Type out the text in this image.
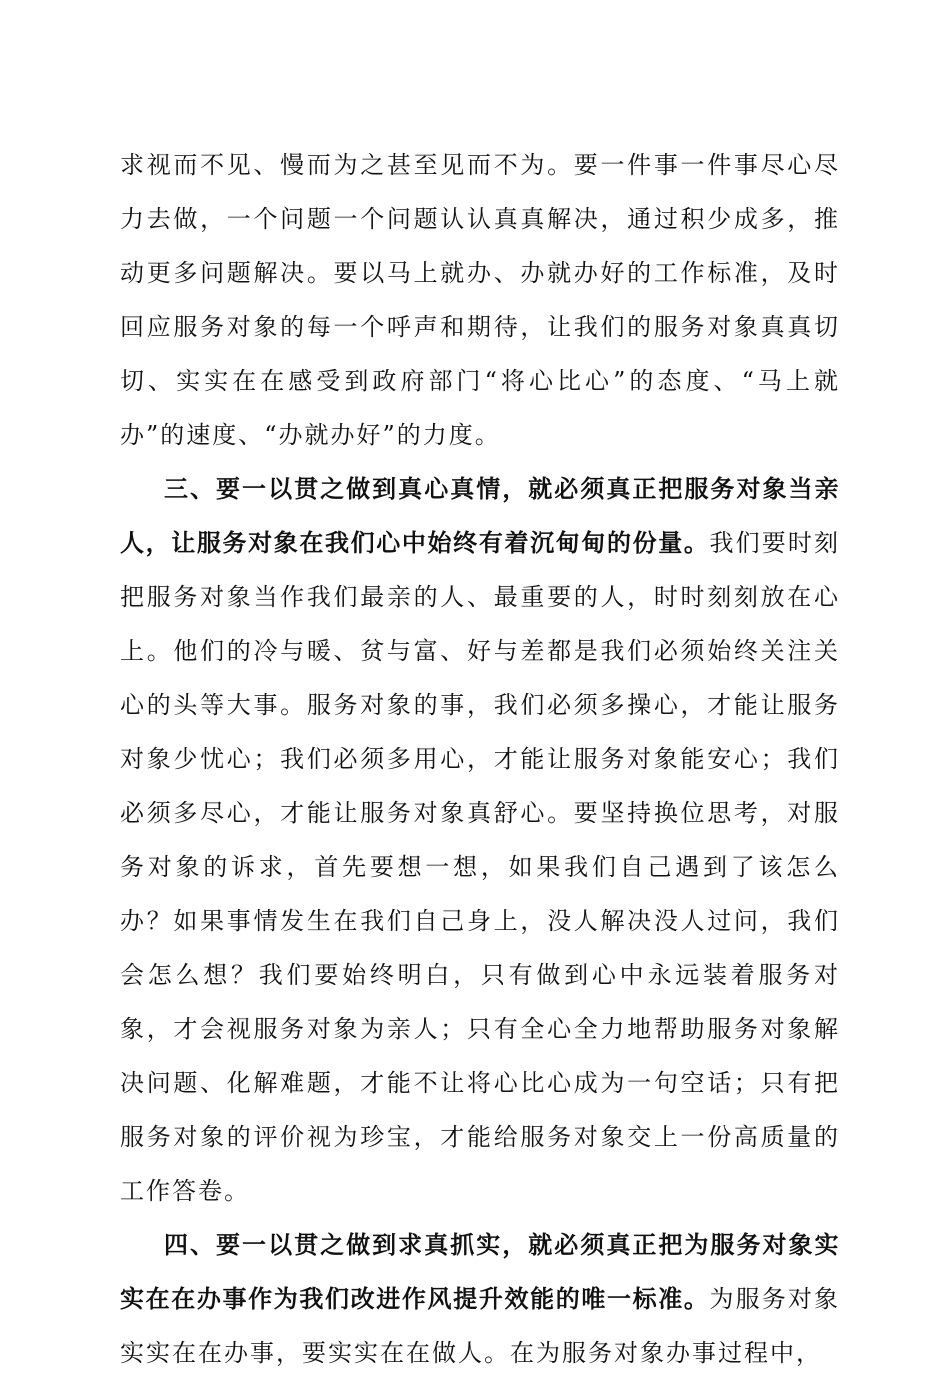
求视而不见、慢而为之甚至见而不为。要一件事一件事尽心尽力去做，一个问题一个问题认认真真解决，通过积少成多，推动更多问题解决。要以马上就办、办就办好的工作标准，及时回应服务对象的每一个呼声和期待，让我们的服务对象真真切切、实实在在感受到政府部门“将心比心”的态度、“马上就办”的速度、“办就办好”的力度。

三、要一以贯之做到真心真情，就必须真正把服务对象当亲人，让服务对象在我们心中始终有着沉甸甸的份量。我们要时刻把服务对象当作我们最亲的人、最重要的人，时时刻刻放在心上。他们的冷与暖、贫与富、好与差都是我们必须始终关注关心的头等大事。服务对象的事，我们必须多操心，才能让服务对象少忧心；我们必须多用心，才能让服务对象能安心；我们必须多尽心，才能让服务对象真舒心。要坚持换位思考，对服务对象的诉求，首先要想一想，如果我们自己遇到了该怎么办？如果事情发生在我们自己身上，没人解决没人过问，我们会怎么想？我们要始终明白，只有做到心中永远装着服务对象，才会视服务对象为亲人；只有全心全力地帮助服务对象解决问题、化解难题，才能不让将心比心成为一句空话；只有把服务对象的评价视为珍宝，才能给服务对象交上一份高质量的工作答卷。

四、要一以贯之做到求真抓实，就必须真正把为服务对象实实在在办事作为我们改进作风提升效能的唯一标准。为服务对象实实在在办事，要实实在在做人。在为服务对象办事过程中，
